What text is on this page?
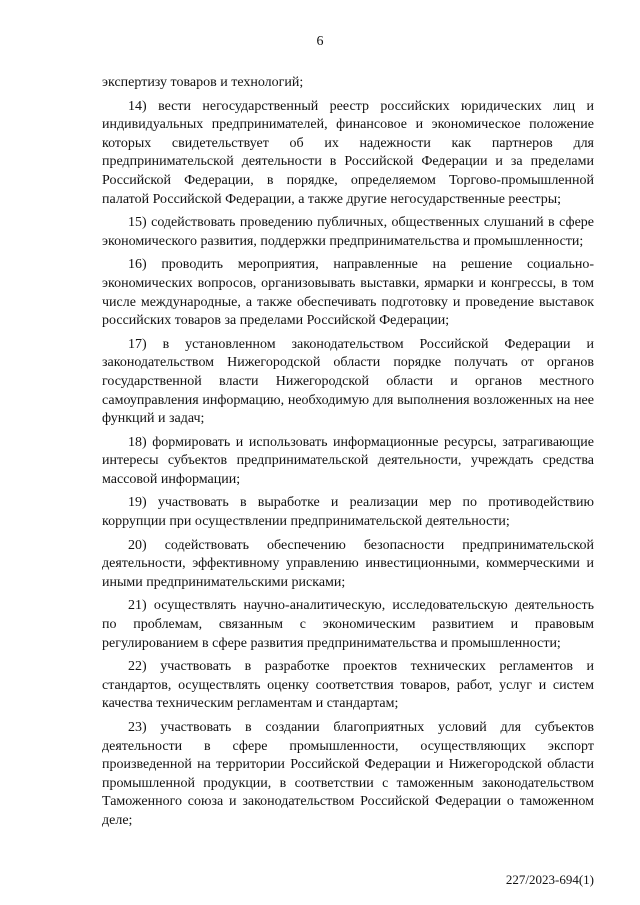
6

экспертизу товаров и технологий;

14) вести негосударственный реестр российских юридических лиц и индивидуальных предпринимателей, финансовое и экономическое положение которых свидетельствует об их надежности как партнеров для предпринимательской деятельности в Российской Федерации и за пределами Российской Федерации, в порядке, определяемом Торгово-промышленной палатой Российской Федерации, а также другие негосударственные реестры;

15) содействовать проведению публичных, общественных слушаний в сфере экономического развития, поддержки предпринимательства и промышленности;

16) проводить мероприятия, направленные на решение социально-экономических вопросов, организовывать выставки, ярмарки и конгрессы, в том числе международные, а также обеспечивать подготовку и проведение выставок российских товаров за пределами Российской Федерации;

17) в установленном законодательством Российской Федерации и законодательством Нижегородской области порядке получать от органов государственной власти Нижегородской области и органов местного самоуправления информацию, необходимую для выполнения возложенных на нее функций и задач;

18) формировать и использовать информационные ресурсы, затрагивающие интересы субъектов предпринимательской деятельности, учреждать средства массовой информации;

19) участвовать в выработке и реализации мер по противодействию коррупции при осуществлении предпринимательской деятельности;

20) содействовать обеспечению безопасности предпринимательской деятельности, эффективному управлению инвестиционными, коммерческими и иными предпринимательскими рисками;

21) осуществлять научно-аналитическую, исследовательскую деятельность по проблемам, связанным с экономическим развитием и правовым регулированием в сфере развития предпринимательства и промышленности;

22) участвовать в разработке проектов технических регламентов и стандартов, осуществлять оценку соответствия товаров, работ, услуг и систем качества техническим регламентам и стандартам;

23) участвовать в создании благоприятных условий для субъектов деятельности в сфере промышленности, осуществляющих экспорт произведенной на территории Российской Федерации и Нижегородской области промышленной продукции, в соответствии с таможенным законодательством Таможенного союза и законодательством Российской Федерации о таможенном деле;

227/2023-694(1)
